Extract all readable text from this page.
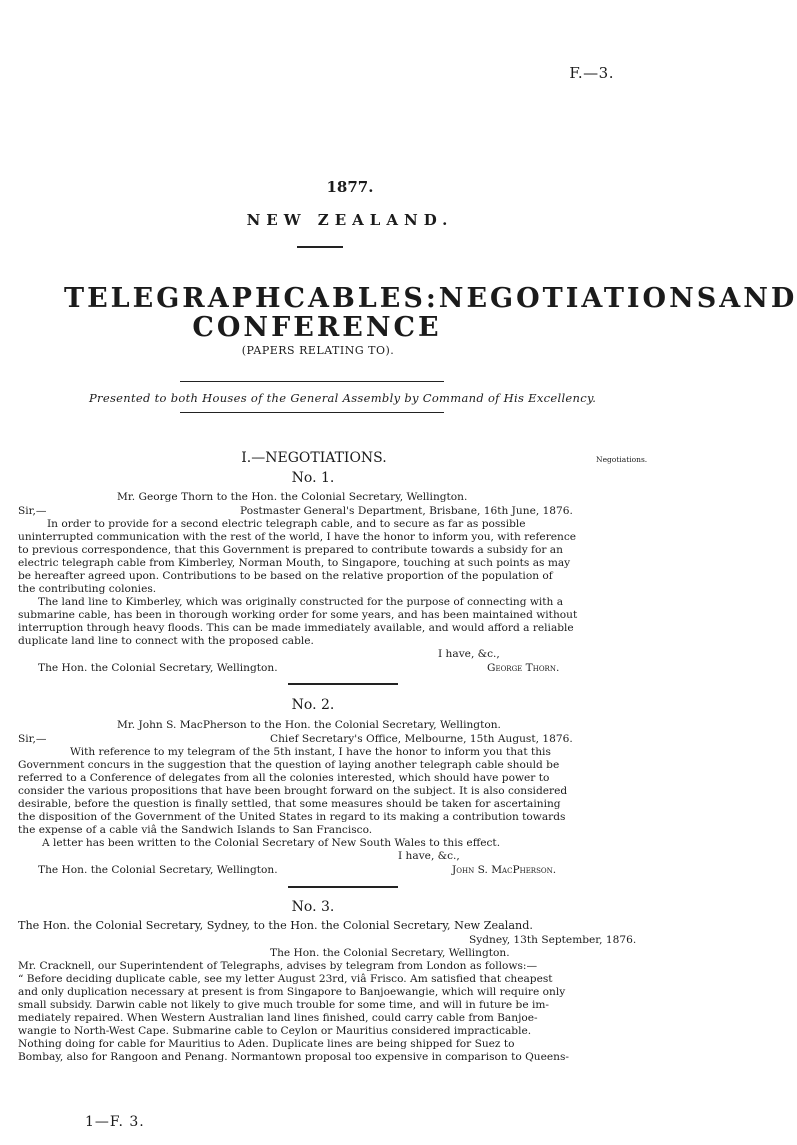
F.—3.
1877.
NEW ZEALAND.
TELEGRAPH CABLES: NEGOTIATIONS AND
CONFERENCE
(PAPERS RELATING TO).
Presented to both Houses of the General Assembly by Command of His Excellency.
I.—NEGOTIATIONS.	Negotiations.
No. 1.
Mr. George Thorn to the Hon. the Colonial Secretary, Wellington.
Sir,—	Postmaster General's Department, Brisbane, 16th June, 1876.
In order to provide for a second electric telegraph cable, and to secure as far as possible
uninterrupted communication with the rest of the world, I have the honor to inform you, with reference
to previous correspondence, that this Government is prepared to contribute towards a subsidy for an
electric telegraph cable from Kimberley, Norman Mouth, to Singapore, touching at such points as may
be hereafter agreed upon. Contributions to be based on the relative proportion of the population of
the contributing colonies.
The land line to Kimberley, which was originally constructed for the purpose of connecting with a
submarine cable, has been in thorough working order for some years, and has been maintained without
interruption through heavy floods. This can be made immediately available, and would afford a reliable
duplicate land line to connect with the proposed cable.
I have, &c.,
The Hon. the Colonial Secretary, Wellington.	George Thorn.
No. 2.
Mr. John S. MacPherson to the Hon. the Colonial Secretary, Wellington.
Sir,—	Chief Secretary's Office, Melbourne, 15th August, 1876.
With reference to my telegram of the 5th instant, I have the honor to inform you that this
Government concurs in the suggestion that the question of laying another telegraph cable should be
referred to a Conference of delegates from all the colonies interested, which should have power to
consider the various propositions that have been brought forward on the subject. It is also considered
desirable, before the question is finally settled, that some measures should be taken for ascertaining
the disposition of the Government of the United States in regard to its making a contribution towards
the expense of a cable viâ the Sandwich Islands to San Francisco.
A letter has been written to the Colonial Secretary of New South Wales to this effect.
I have, &c.,
The Hon. the Colonial Secretary, Wellington.	John S. MacPherson.
No. 3.
The Hon. the Colonial Secretary, Sydney, to the Hon. the Colonial Secretary, New Zealand.
Sydney, 13th September, 1876.
The Hon. the Colonial Secretary, Wellington.
Mr. Cracknell, our Superintendent of Telegraphs, advises by telegram from London as follows:—
“ Before deciding duplicate cable, see my letter August 23rd, viâ Frisco. Am satisfied that cheapest
and only duplication necessary at present is from Singapore to Banjoewangie, which will require only
small subsidy. Darwin cable not likely to give much trouble for some time, and will in future be im-
mediately repaired. When Western Australian land lines finished, could carry cable from Banjoe-
wangie to North-West Cape. Submarine cable to Ceylon or Mauritius considered impracticable.
Nothing doing for cable for Mauritius to Aden. Duplicate lines are being shipped for Suez to
Bombay, also for Rangoon and Penang. Normantown proposal too expensive in comparison to Queens-
1—F. 3.
